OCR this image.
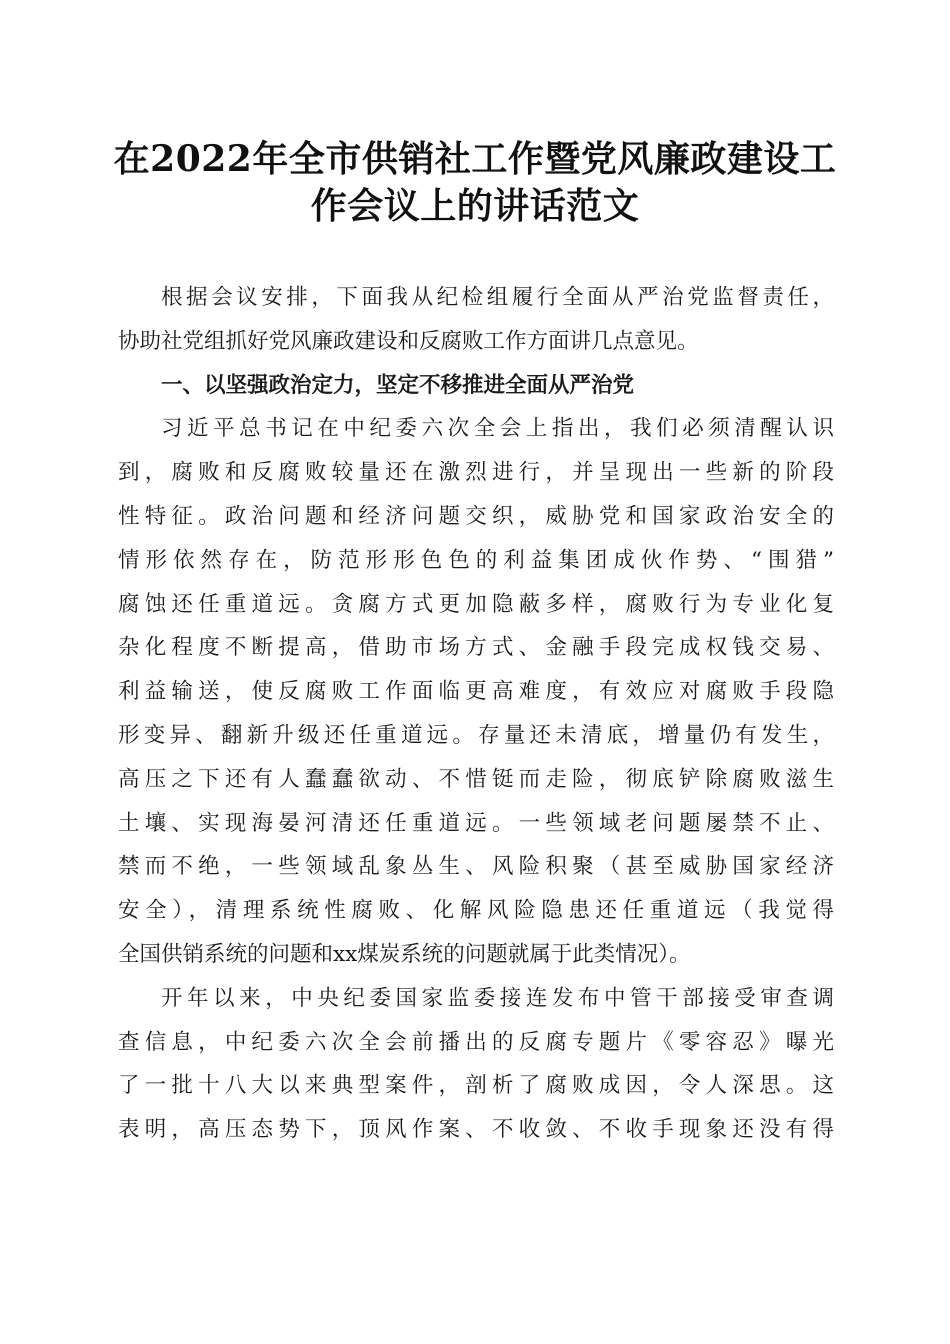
在2022年全市供销社工作暨党风廉政建设工
作会议上的讲话范文

根据会议安排，下面我从纪检组履行全面从严治党监督责任，
协助社党组抓好党风廉政建设和反腐败工作方面讲几点意见。

一、以坚强政治定力，坚定不移推进全面从严治党

习近平总书记在中纪委六次全会上指出，我们必须清醒认识
到，腐败和反腐败较量还在激烈进行，并呈现出一些新的阶段
性特征。政治问题和经济问题交织，威胁党和国家政治安全的
情形依然存在，防范形形色色的利益集团成伙作势、“围猎”
腐蚀还任重道远。贪腐方式更加隐蔽多样，腐败行为专业化复
杂化程度不断提高，借助市场方式、金融手段完成权钱交易、
利益输送，使反腐败工作面临更高难度，有效应对腐败手段隐
形变异、翻新升级还任重道远。存量还未清底，增量仍有发生，
高压之下还有人蠢蠢欲动、不惜铤而走险，彻底铲除腐败滋生
土壤、实现海晏河清还任重道远。一些领域老问题屡禁不止、
禁而不绝，一些领域乱象丛生、风险积聚（甚至威胁国家经济
安全），清理系统性腐败、化解风险隐患还任重道远（我觉得
全国供销系统的问题和xx煤炭系统的问题就属于此类情况）。

开年以来，中央纪委国家监委接连发布中管干部接受审查调
查信息，中纪委六次全会前播出的反腐专题片《零容忍》曝光
了一批十八大以来典型案件，剖析了腐败成因，令人深思。这
表明，高压态势下，顶风作案、不收敛、不收手现象还没有得
